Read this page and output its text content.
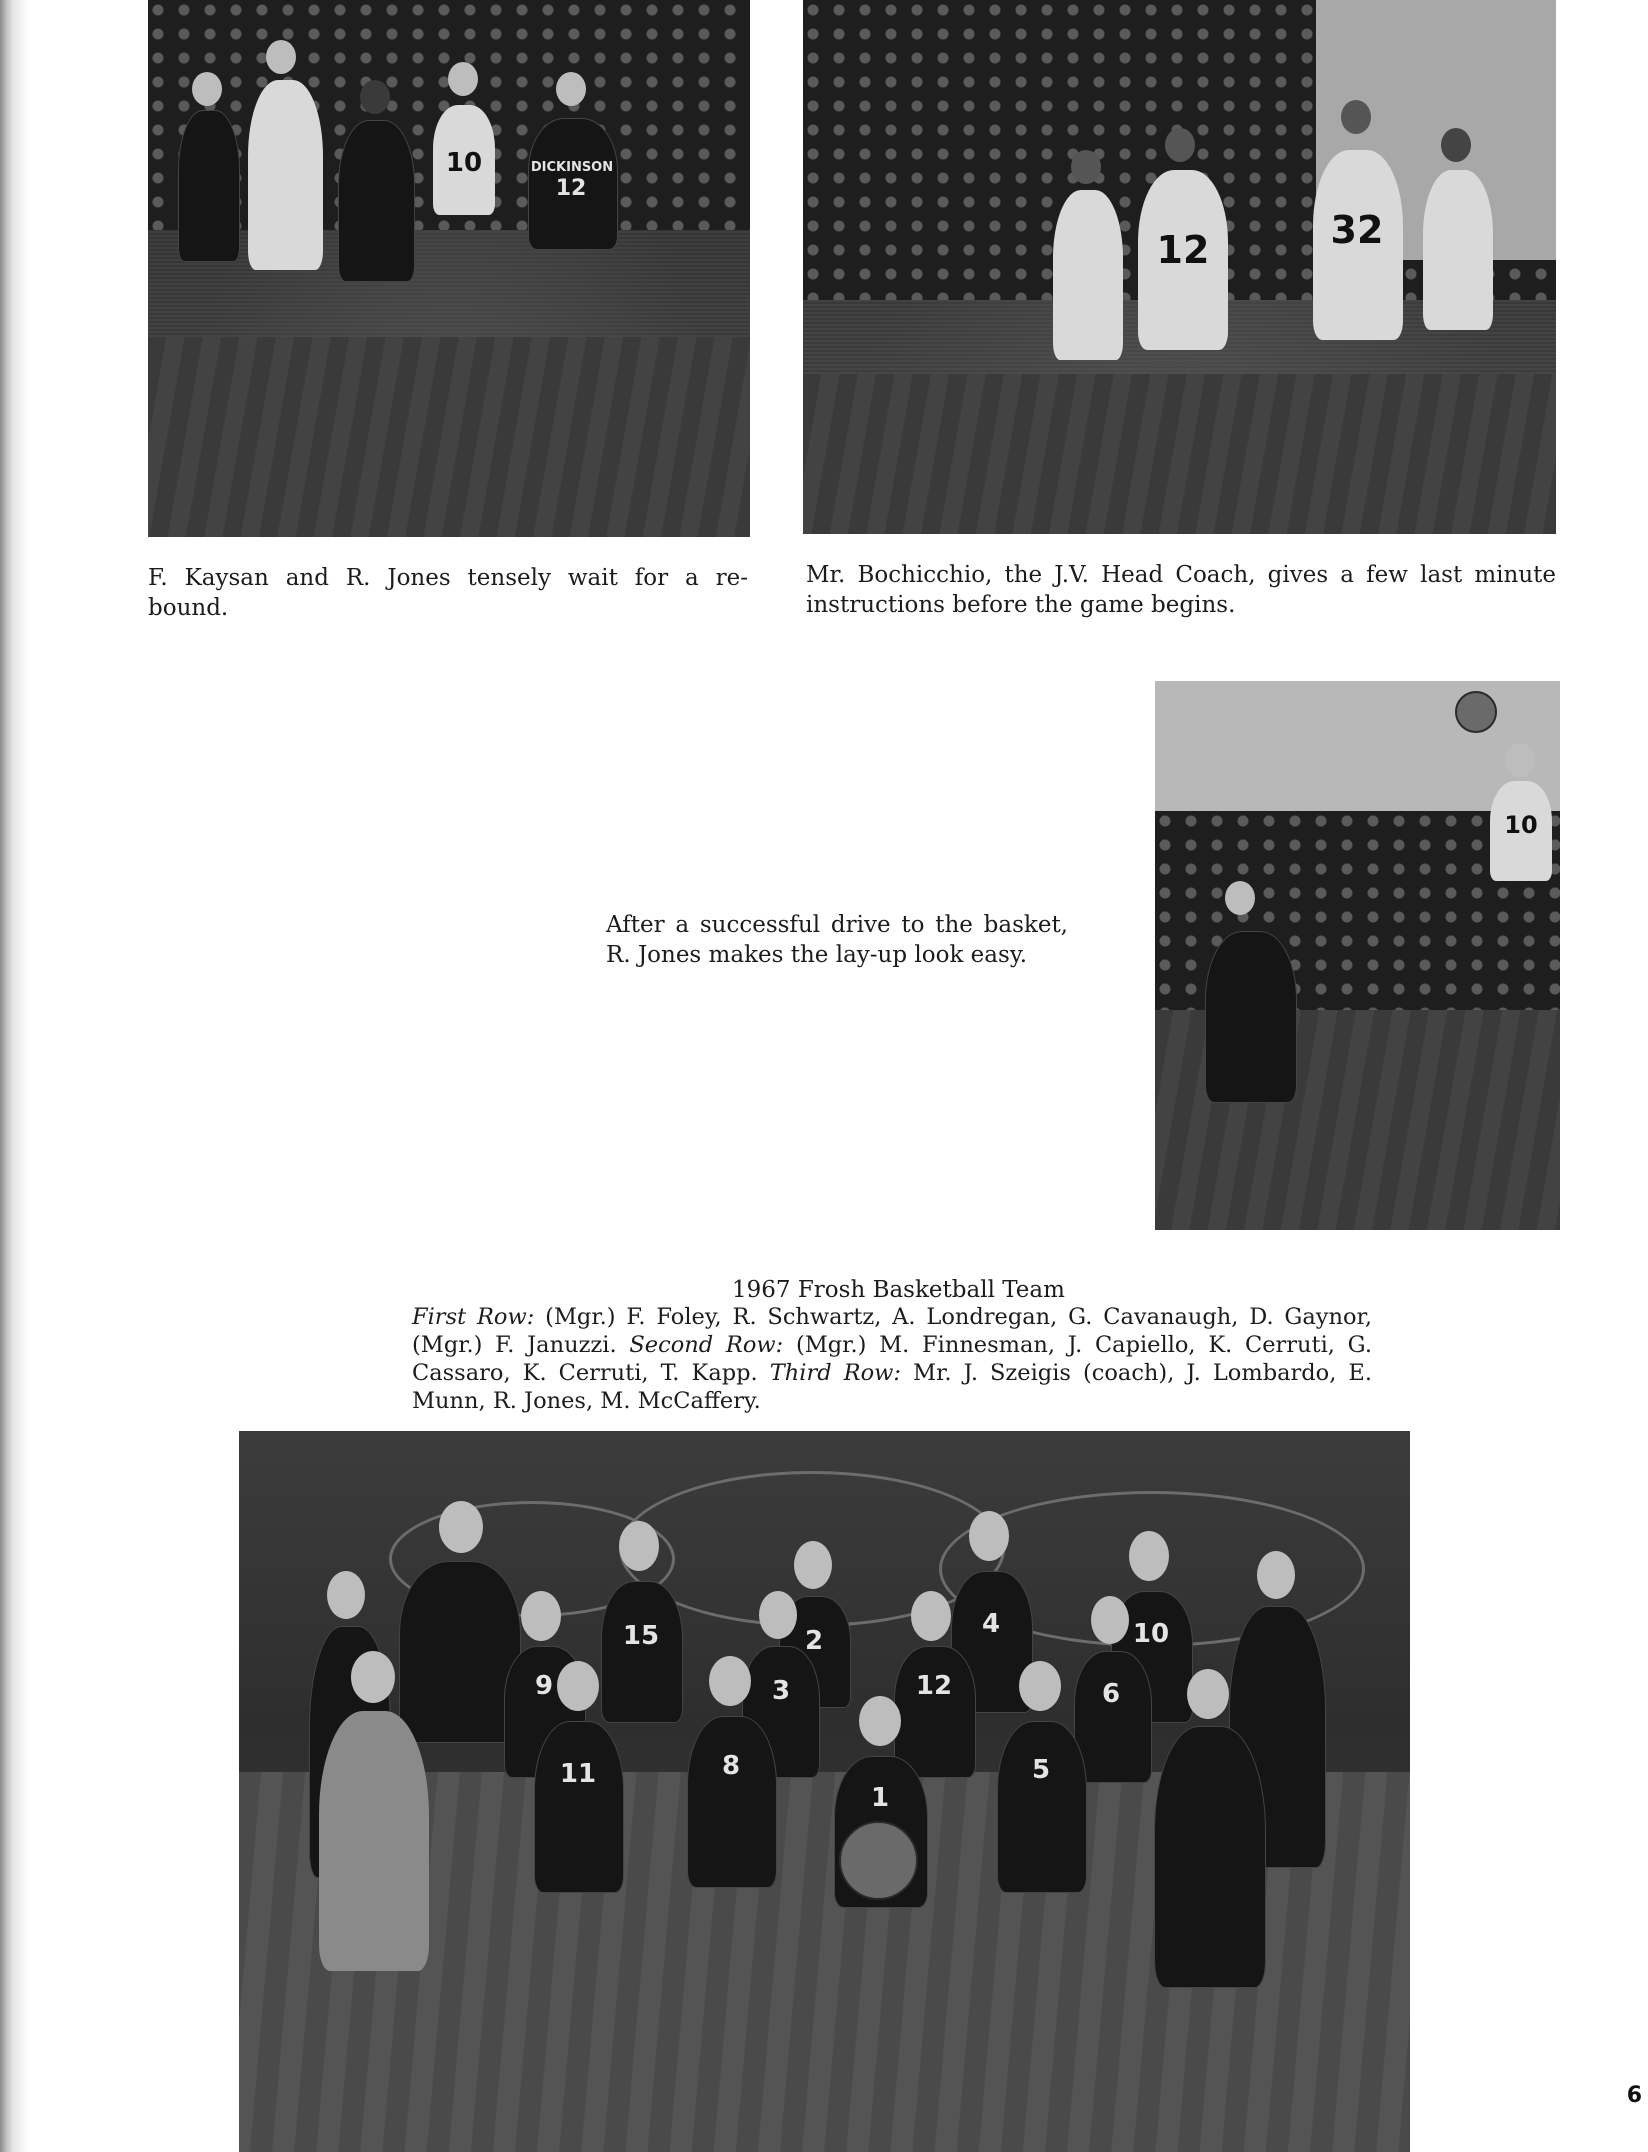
10	DICKINSON
12

F. Kaysan and R. Jones tensely wait for a re-

bound.

12	32

Mr. Bochicchio, the J.V. Head Coach, gives a few last minute

instructions before the game begins.

10

After a successful drive to the basket,

R. Jones makes the lay-up look easy.

1967 Frosh Basketball Team
First Row: (Mgr.) F. Foley, R. Schwartz, A. Londregan, G. Cavanaugh, D. Gaynor, (Mgr.) F. Januzzi. Second Row: (Mgr.) M. Finnesman, J. Capiello, K. Cerruti, G. Cassaro, K. Cerruti, T. Kapp. Third Row: Mr. J. Szeigis (coach), J. Lombardo, E. Munn, R. Jones, M. McCaffery.
15	2
4	10
9	3	12	6
11	8
1
5
6
